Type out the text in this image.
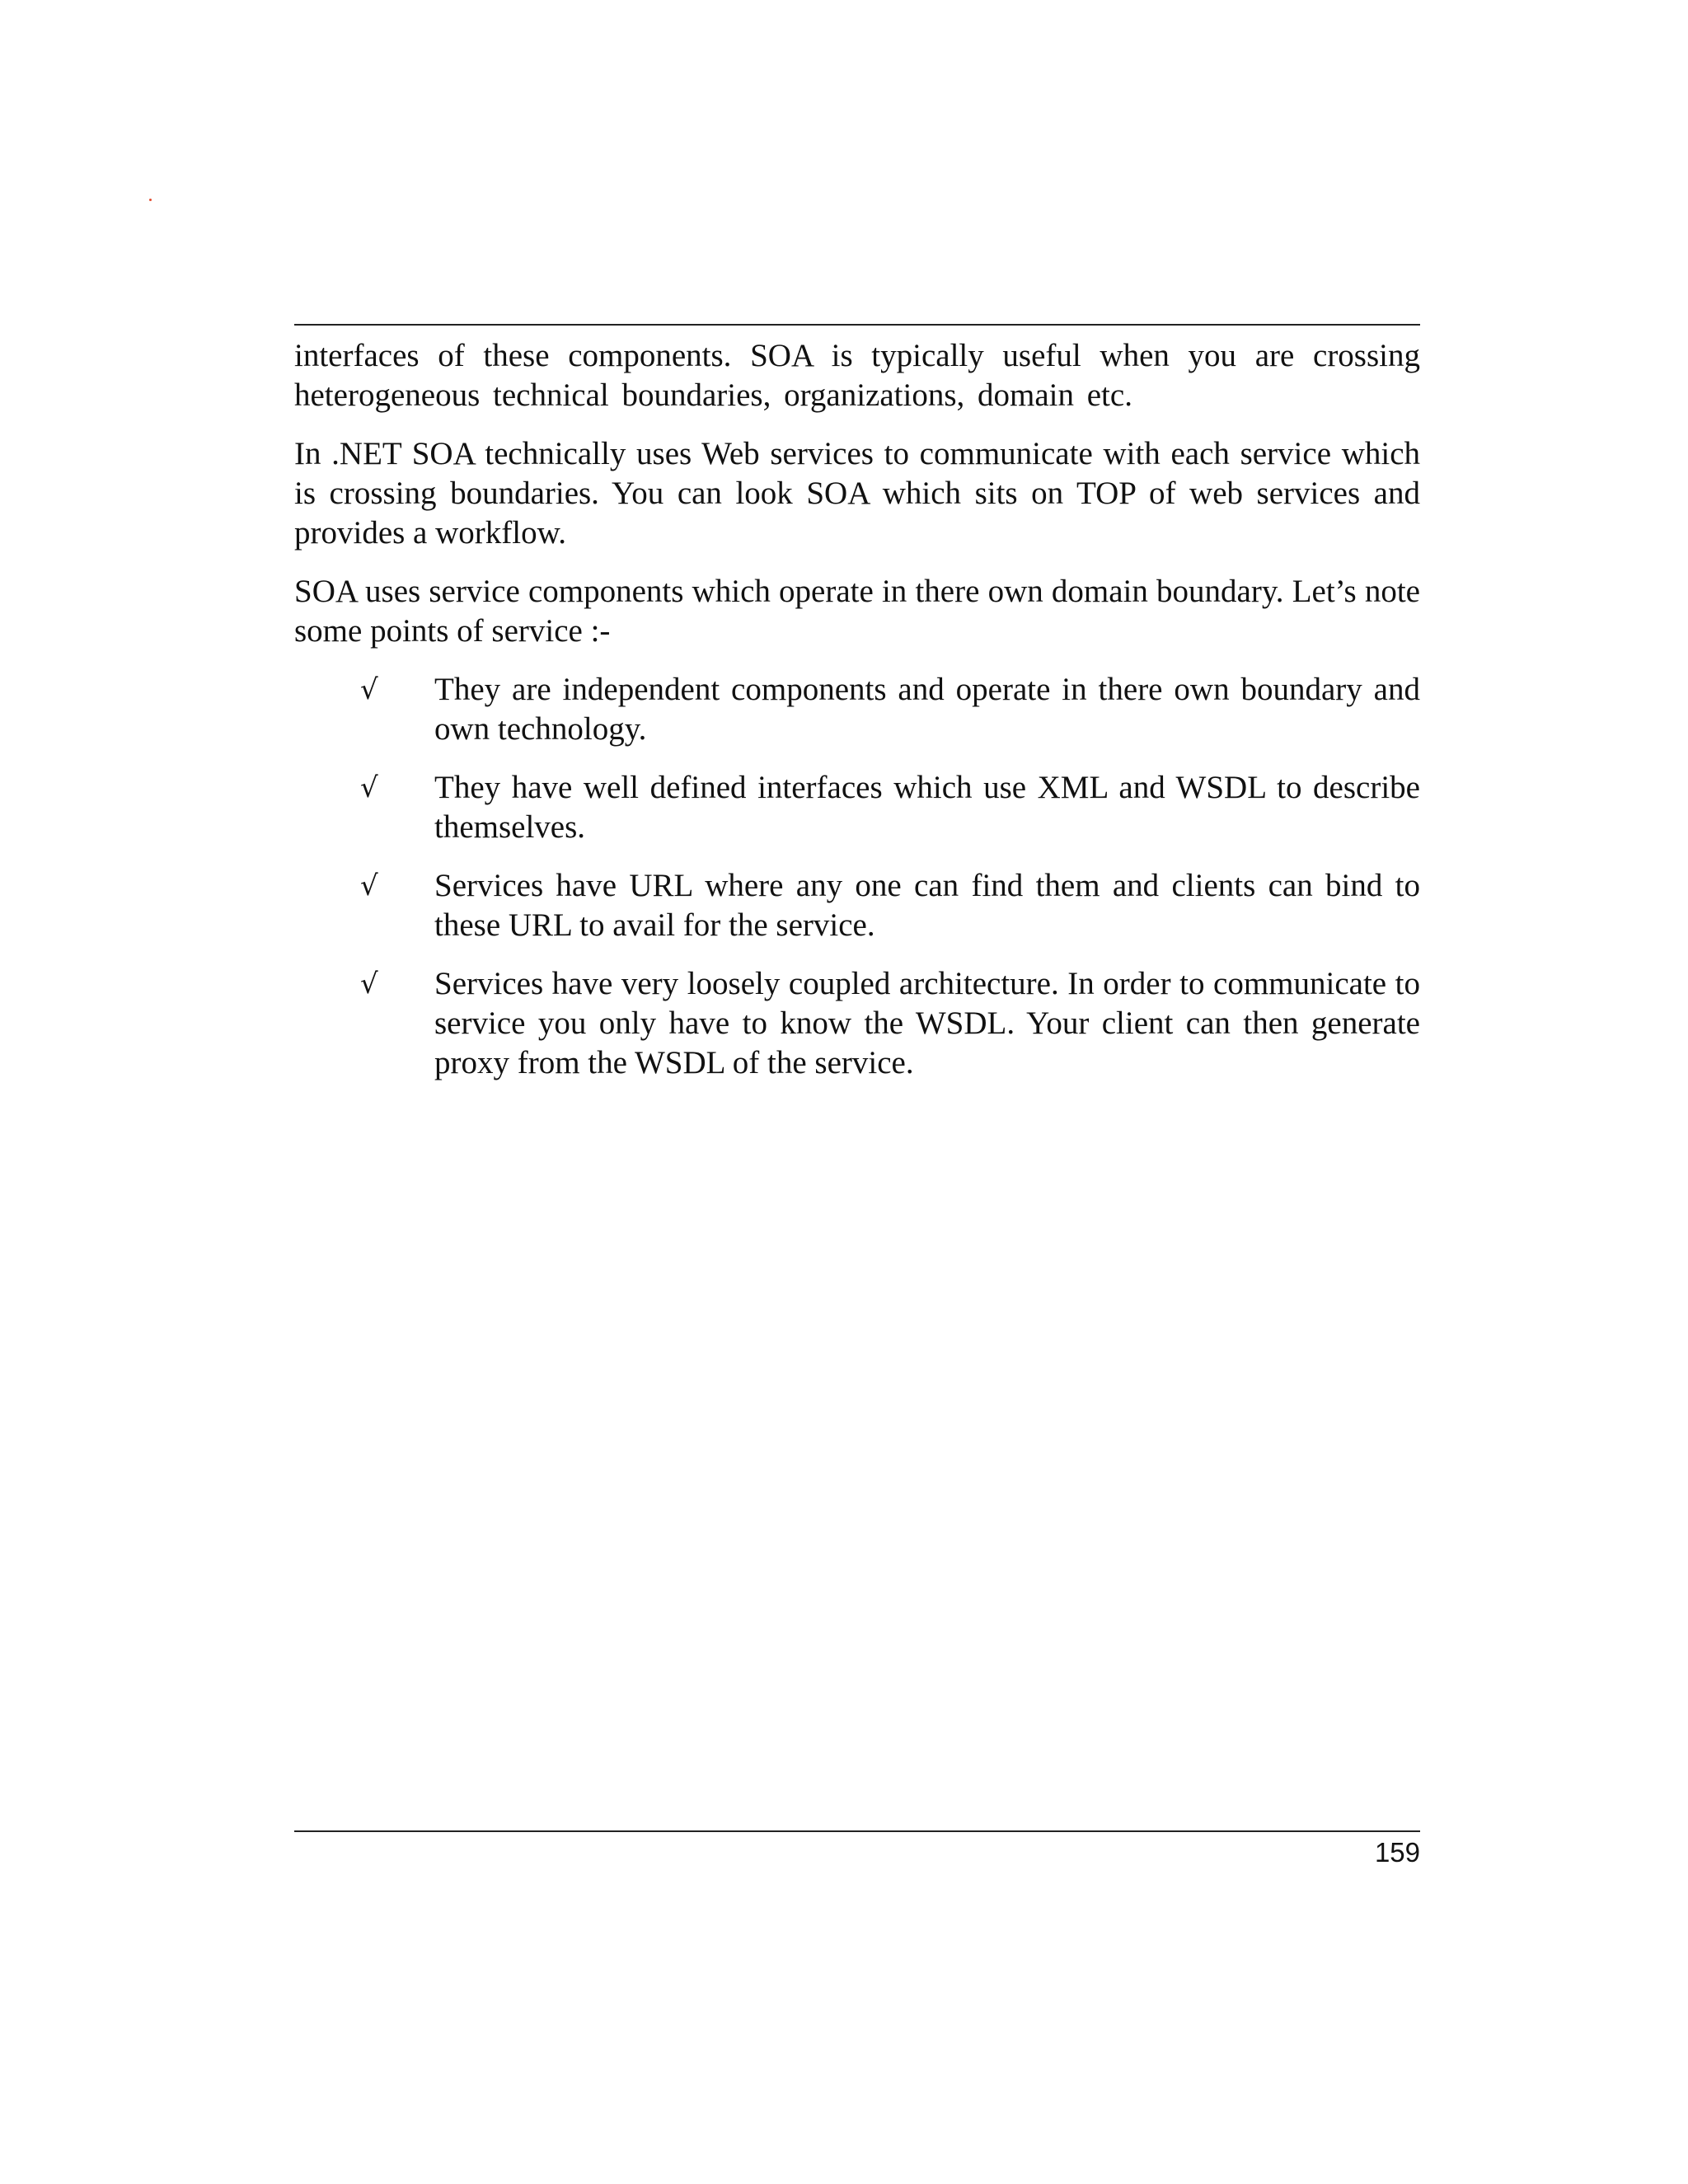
interfaces of these components. SOA is typically useful when you are crossing heterogeneous technical boundaries, organizations, domain etc.

In .NET SOA technically uses Web services to communicate with each service which is crossing boundaries. You can look SOA which sits on TOP of web services and provides a workflow.

SOA uses service components which operate in there own domain boundary. Let’s note some points of service :-

√ They are independent components and operate in there own boundary and own technology.
√ They have well defined interfaces which use XML and WSDL to describe themselves.
√ Services have URL where any one can find them and clients can bind to these URL to avail for the service.
√ Services have very loosely coupled architecture. In order to communicate to service you only have to know the WSDL. Your client can then generate proxy from the WSDL of the service.
159
